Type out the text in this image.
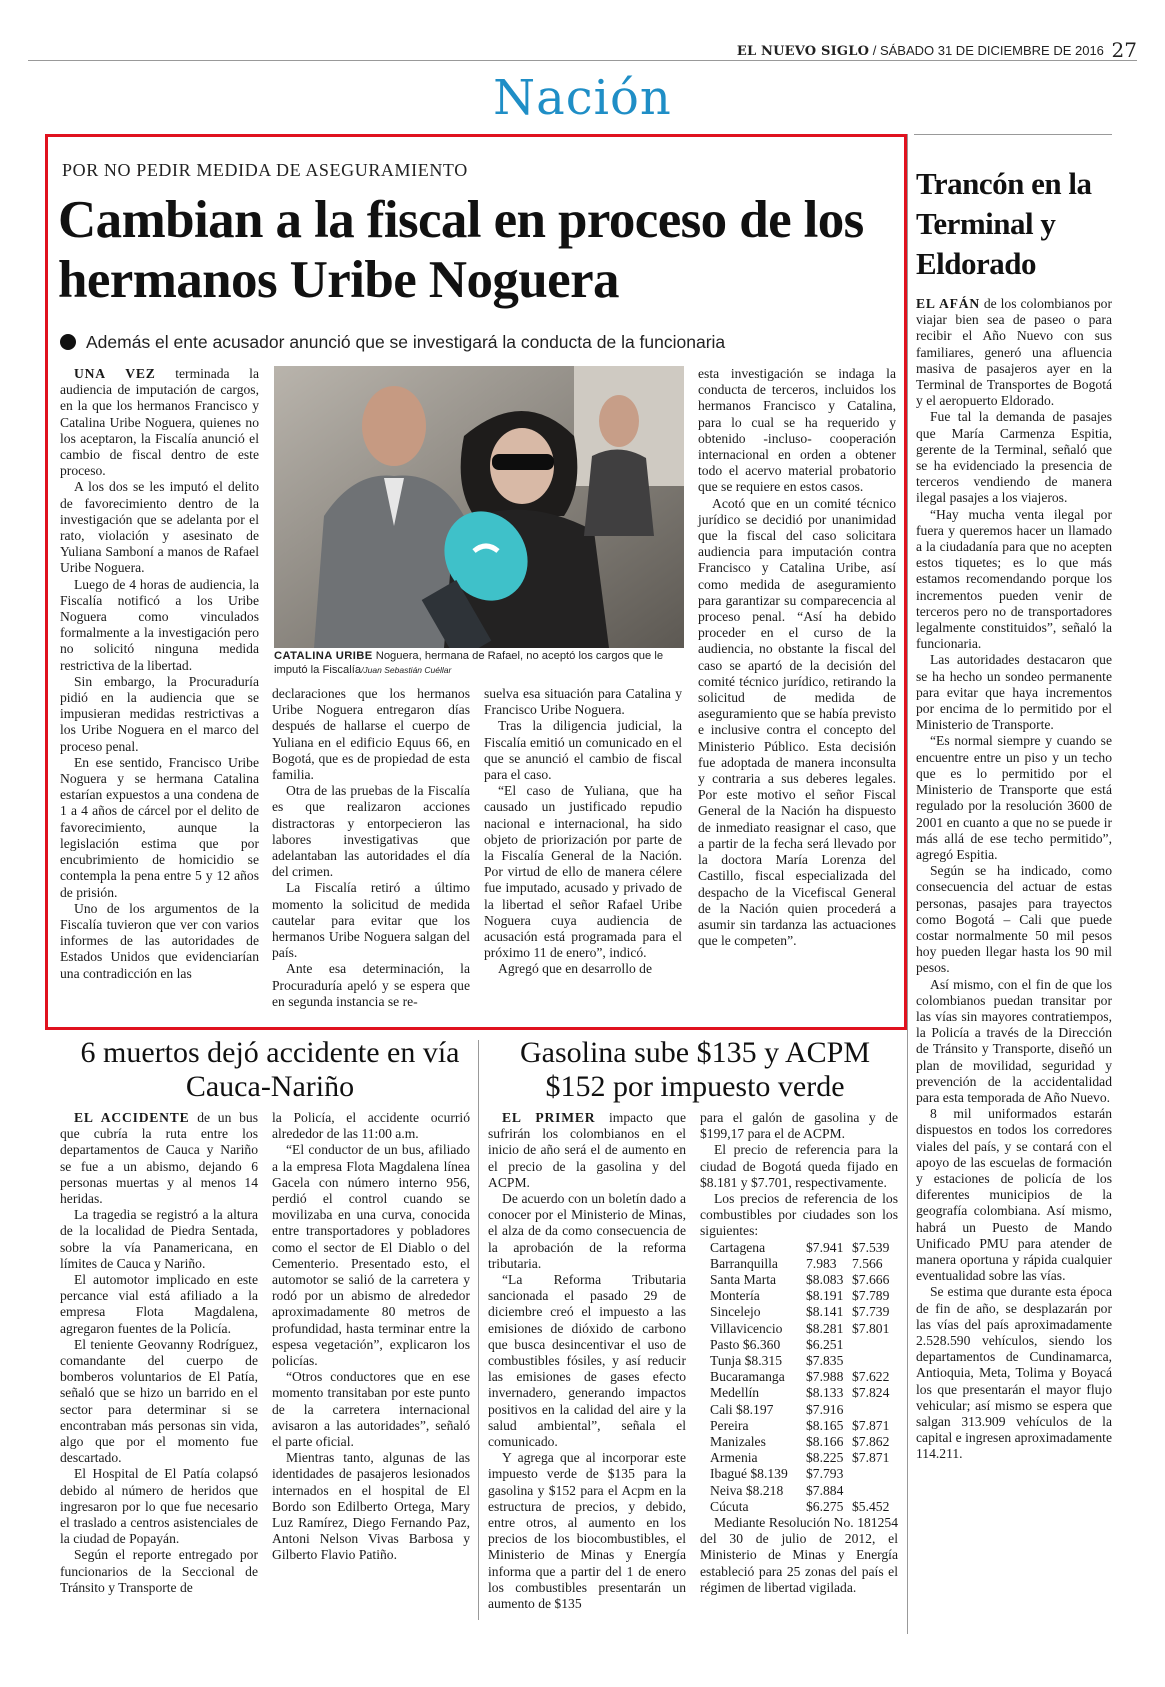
EL NUEVO SIGLO / SÁBADO 31 DE DICIEMBRE DE 2016 27
Nación
POR NO PEDIR MEDIDA DE ASEGURAMIENTO
Cambian a la fiscal en proceso de los hermanos Uribe Noguera
Además el ente acusador anunció que se investigará la conducta de la funcionaria

UNA VEZ terminada la audiencia de imputación de cargos, en la que los hermanos Francisco y Catalina Uribe Noguera, quienes no los aceptaron, la Fiscalía anunció el cambio de fiscal dentro de este proceso.

A los dos se les imputó el delito de favorecimiento dentro de la investigación que se adelanta por el rato, violación y asesinato de Yuliana Samboní a manos de Rafael Uribe Noguera.

Luego de 4 horas de audiencia, la Fiscalía notificó a los Uribe Noguera como vinculados formalmente a la investigación pero no solicitó ninguna medida restrictiva de la libertad.

Sin embargo, la Procuraduría pidió en la audiencia que se impusieran medidas restrictivas a los Uribe Noguera en el marco del proceso penal.

En ese sentido, Francisco Uribe Noguera y se hermana Catalina estarían expuestos a una condena de 1 a 4 años de cárcel por el delito de favorecimiento, aunque la legislación estima que por encubrimiento de homicidio se contempla la pena entre 5 y 12 años de prisión.

Uno de los argumentos de la Fiscalía tuvieron que ver con varios informes de las autoridades de Estados Unidos que evidenciarían una contradicción en las

CATALINA URIBE Noguera, hermana de Rafael, no aceptó los cargos que le imputó la Fiscalía/Juan Sebastián Cuéllar

declaraciones que los hermanos Uribe Noguera entregaron días después de hallarse el cuerpo de Yuliana en el edificio Equus 66, en Bogotá, que es de propiedad de esta familia.

Otra de las pruebas de la Fiscalía es que realizaron acciones distractoras y entorpecieron las labores investigativas que adelantaban las autoridades el día del crimen.

La Fiscalía retiró a último momento la solicitud de medida cautelar para evitar que los hermanos Uribe Noguera salgan del país.

Ante esa determinación, la Procuraduría apeló y se espera que en segunda instancia se re-

suelva esa situación para Catalina y Francisco Uribe Noguera.

Tras la diligencia judicial, la Fiscalía emitió un comunicado en el que se anunció el cambio de fiscal para el caso.

“El caso de Yuliana, que ha causado un justificado repudio nacional e internacional, ha sido objeto de priorización por parte de la Fiscalía General de la Nación. Por virtud de ello de manera célere fue imputado, acusado y privado de la libertad el señor Rafael Uribe Noguera cuya audiencia de acusación está programada para el próximo 11 de enero”, indicó.

Agregó que en desarrollo de

esta investigación se indaga la conducta de terceros, incluidos los hermanos Francisco y Catalina, para lo cual se ha requerido y obtenido -incluso- cooperación internacional en orden a obtener todo el acervo material probatorio que se requiere en estos casos.

Acotó que en un comité técnico jurídico se decidió por unanimidad que la fiscal del caso solicitara audiencia para imputación contra Francisco y Catalina Uribe, así como medida de aseguramiento para garantizar su comparecencia al proceso penal. “Así ha debido proceder en el curso de la audiencia, no obstante la fiscal del caso se apartó de la decisión del comité técnico jurídico, retirando la solicitud de medida de aseguramiento que se había previsto e inclusive contra el concepto del Ministerio Público. Esta decisión fue adoptada de manera inconsulta y contraria a sus deberes legales. Por este motivo el señor Fiscal General de la Nación ha dispuesto de inmediato reasignar el caso, que a partir de la fecha será llevado por la doctora María Lorenza del Castillo, fiscal especializada del despacho de la Vicefiscal General de la Nación quien procederá a asumir sin tardanza las actuaciones que le competen”.

Trancón en la Terminal y Eldorado

EL AFÁN de los colombianos por viajar bien sea de paseo o para recibir el Año Nuevo con sus familiares, generó una afluencia masiva de pasajeros ayer en la Terminal de Transportes de Bogotá y el aeropuerto Eldorado.

Fue tal la demanda de pasajes que María Carmenza Espitia, gerente de la Terminal, señaló que se ha evidenciado la presencia de terceros vendiendo de manera ilegal pasajes a los viajeros.

“Hay mucha venta ilegal por fuera y queremos hacer un llamado a la ciudadanía para que no acepten estos tiquetes; es lo que más estamos recomendando porque los incrementos pueden venir de terceros pero no de transportadores legalmente constituidos”, señaló la funcionaria.

Las autoridades destacaron que se ha hecho un sondeo permanente para evitar que haya incrementos por encima de lo permitido por el Ministerio de Transporte.

“Es normal siempre y cuando se encuentre entre un piso y un techo que es lo permitido por el Ministerio de Transporte que está regulado por la resolución 3600 de 2001 en cuanto a que no se puede ir más allá de ese techo permitido”, agregó Espitia.

Según se ha indicado, como consecuencia del actuar de estas personas, pasajes para trayectos como Bogotá – Cali que puede costar normalmente 50 mil pesos hoy pueden llegar hasta los 90 mil pesos.

Así mismo, con el fin de que los colombianos puedan transitar por las vías sin mayores contratiempos, la Policía a través de la Dirección de Tránsito y Transporte, diseñó un plan de movilidad, seguridad y prevención de la accidentalidad para esta temporada de Año Nuevo.

8 mil uniformados estarán dispuestos en todos los corredores viales del país, y se contará con el apoyo de las escuelas de formación y estaciones de policía de los diferentes municipios de la geografía colombiana. Así mismo, habrá un Puesto de Mando Unificado PMU para atender de manera oportuna y rápida cualquier eventualidad sobre las vías.

Se estima que durante esta época de fin de año, se desplazarán por las vías del país aproximadamente 2.528.590 vehículos, siendo los departamentos de Cundinamarca, Antioquia, Meta, Tolima y Boyacá los que presentarán el mayor flujo vehicular; así mismo se espera que salgan 313.909 vehículos de la capital e ingresen aproximadamente 114.211.

6 muertos dejó accidente en vía Cauca-Nariño

EL ACCIDENTE de un bus que cubría la ruta entre los departamentos de Cauca y Nariño se fue a un abismo, dejando 6 personas muertas y al menos 14 heridas.

La tragedia se registró a la altura de la localidad de Piedra Sentada, sobre la vía Panamericana, en límites de Cauca y Nariño.

El automotor implicado en este percance vial está afiliado a la empresa Flota Magdalena, agregaron fuentes de la Policía.

El teniente Geovanny Rodríguez, comandante del cuerpo de bomberos voluntarios de El Patía, señaló que se hizo un barrido en el sector para determinar si se encontraban más personas sin vida, algo que por el momento fue descartado.

El Hospital de El Patía colapsó debido al número de heridos que ingresaron por lo que fue necesario el traslado a centros asistenciales de la ciudad de Popayán.

Según el reporte entregado por funcionarios de la Seccional de Tránsito y Transporte de

la Policía, el accidente ocurrió alrededor de las 11:00 a.m.

“El conductor de un bus, afiliado a la empresa Flota Magdalena línea Gacela con número interno 956, perdió el control cuando se movilizaba en una curva, conocida entre transportadores y pobladores como el sector de El Diablo o del Cementerio. Presentado esto, el automotor se salió de la carretera y rodó por un abismo de alrededor aproximadamente 80 metros de profundidad, hasta terminar entre la espesa vegetación”, explicaron los policías.

“Otros conductores que en ese momento transitaban por este punto de la carretera internacional avisaron a las autoridades”, señaló el parte oficial.

Mientras tanto, algunas de las identidades de pasajeros lesionados internados en el hospital de El Bordo son Edilberto Ortega, Mary Luz Ramírez, Diego Fernando Paz, Antoni Nelson Vivas Barbosa y Gilberto Flavio Patiño.

Gasolina sube $135 y ACPM $152 por impuesto verde

EL PRIMER impacto que sufrirán los colombianos en el inicio de año será el de aumento en el precio de la gasolina y del ACPM.

De acuerdo con un boletín dado a conocer por el Ministerio de Minas, el alza de da como consecuencia de la aprobación de la reforma tributaria.

“La Reforma Tributaria sancionada el pasado 29 de diciembre creó el impuesto a las emisiones de dióxido de carbono que busca desincentivar el uso de combustibles fósiles, y así reducir las emisiones de gases efecto invernadero, generando impactos positivos en la calidad del aire y la salud ambiental”, señala el comunicado.

Y agrega que al incorporar este impuesto verde de $135 para la gasolina y $152 para el Acpm en la estructura de precios, y debido, entre otros, al aumento en los precios de los biocombustibles, el Ministerio de Minas y Energía informa que a partir del 1 de enero los combustibles presentarán un aumento de $135

para el galón de gasolina y de $199,17 para el de ACPM.

El precio de referencia para la ciudad de Bogotá queda fijado en $8.181 y $7.701, respectivamente.

Los precios de referencia de los combustibles por ciudades son los siguientes:

Cartagena	$7.941	$7.539
Barranquilla	7.983	7.566
Santa Marta	$8.083	$7.666
Montería	$8.191	$7.789
Sincelejo	$8.141	$7.739
Villavicencio	$8.281	$7.801
Pasto $6.360	$6.251	
Tunja $8.315	$7.835	
Bucaramanga	$7.988	$7.622
Medellín	$8.133	$7.824
Cali $8.197	$7.916	
Pereira	$8.165	$7.871
Manizales	$8.166	$7.862
Armenia	$8.225	$7.871
Ibagué $8.139	$7.793	
Neiva $8.218	$7.884	
Cúcuta	$6.275	$5.452

Mediante Resolución No. 181254 del 30 de julio de 2012, el Ministerio de Minas y Energía estableció para 25 zonas del país el régimen de libertad vigilada.
